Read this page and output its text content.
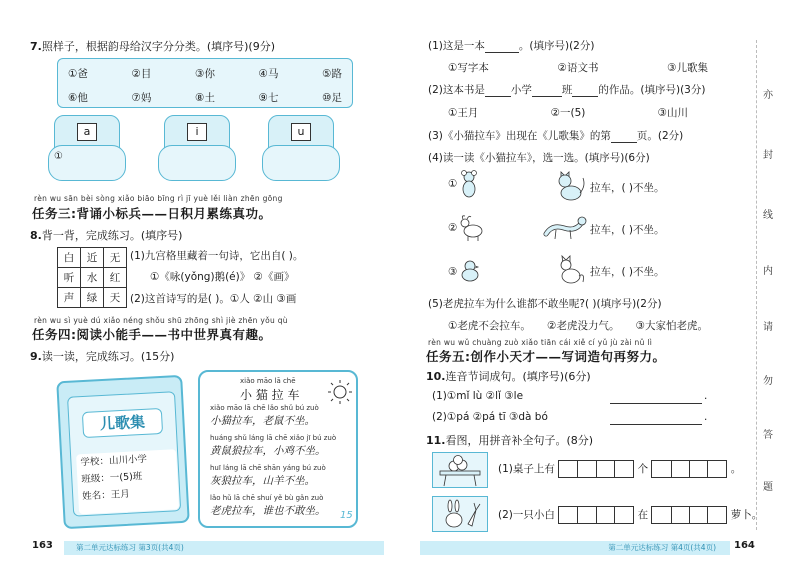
7.照样子，根据韵母给汉字分分类。(填序号)(9分)
①爸	②目	③你	④马	⑤路
⑥他	⑦妈	⑧土	⑨七	⑩足
a
①
i	u
rèn wu sān bèi sòng xiǎo biāo bīng rì jī yuè lěi liàn zhēn gōng
任务三:背诵小标兵——日积月累练真功。
8.背一背，完成练习。(填序号)
白	近	无
听	水	红
声	绿	天
(1)九宫格里藏着一句诗，它出自( )。
①《咏(yǒng)鹅(é)》 ②《画》
(2)这首诗写的是( )。①人 ②山 ③画
rèn wu sì yuè dú xiǎo néng shǒu shū zhōng shì jiè zhēn yǒu qù
任务四:阅读小能手——书中世界真有趣。
9.读一读，完成练习。(15分)
儿歌集
学校：山川小学
班级：一(5)班
姓名：王月
xiǎo māo lā chē
小 猫 拉 车
xiǎo māo lā chē lǎo shǔ bú zuò
小猫拉车，老鼠不坐。
huáng shǔ láng lā chē xiǎo jī bú zuò
黄鼠狼拉车，小鸡不坐。
huī láng lā chē shān yáng bú zuò
灰狼拉车，山羊不坐。
lǎo hǔ lā chē shuí yě bù gǎn zuò
老虎拉车，谁也不敢坐。 15
163	第二单元达标练习 第3页(共4页)
(1)这是一本	。(填序号)(2分)
①写字本	②语文书	③儿歌集
(2)这本书是 小学	班 的作品。(填序号)(3分)
①王月	②一(5)	③山川
(3)《小猫拉车》出现在《儿歌集》的第 页。(2分)
(4)读一读《小猫拉车》，选一选。(填序号)(6分)
①
②
③
拉车，( )不坐。
拉车，( )不坐。
拉车，( )不坐。
(5)老虎拉车为什么谁都不敢坐呢?( )(填序号)(2分)
①老虎不会拉车。 ②老虎没力气。 ③大家怕老虎。
rèn wu wǔ chuàng zuò xiǎo tiān cái xiě cí yǔ jù zài nǔ lì
任务五:创作小天才——写词造句再努力。
10.连音节词成句。(填序号)(6分)
(1)①mǐ lù ②lǐ ③le	.
(2)①pá ②pá tī ③dà bó	.
11.看图，用拼音补全句子。(8分)
(1)桌子上有	个	。
(2)一只小白	在	萝卜。
亦
封
线
内
请
勿
答
题
第二单元达标练习 第4页(共4页)	164
